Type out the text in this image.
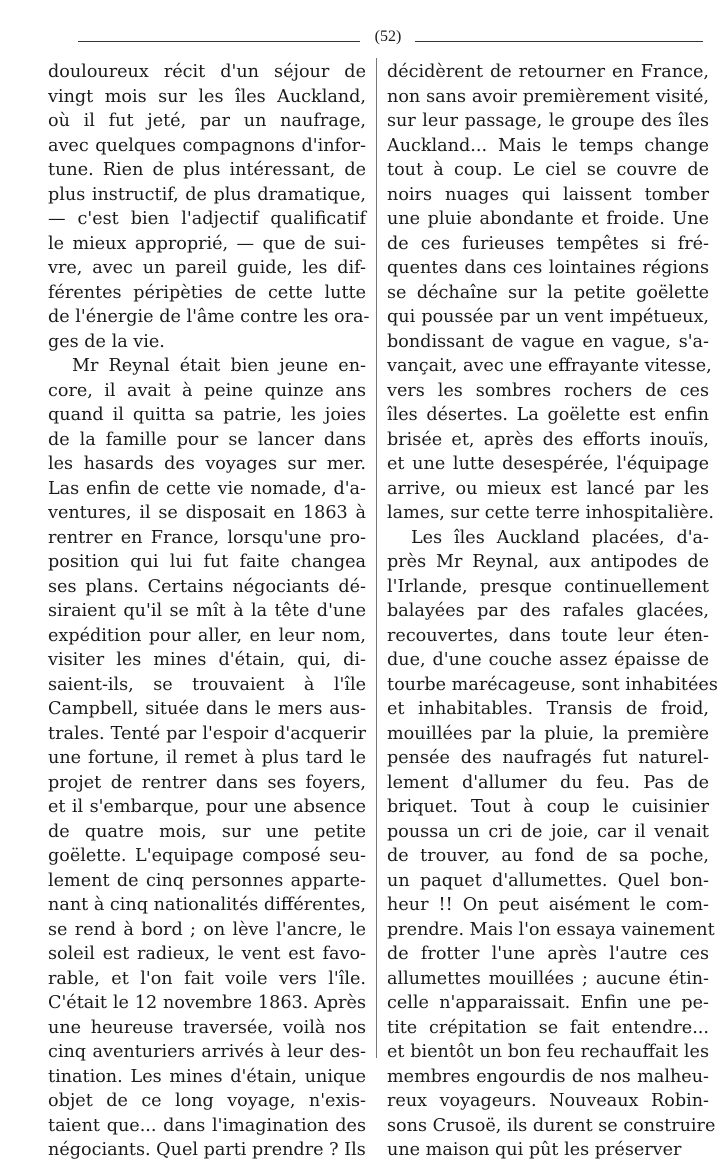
(52)
douloureux récit d'un séjour de
vingt mois sur les îles Auckland,
où il fut jeté, par un naufrage,
avec quelques compagnons d'infor-
tune. Rien de plus intéressant, de
plus instructif, de plus dramatique,
— c'est bien l'adjectif qualificatif
le mieux approprié, — que de sui-
vre, avec un pareil guide, les dif-
férentes péripèties de cette lutte
de l'énergie de l'âme contre les ora-
ges de la vie.
Mr Reynal était bien jeune en-
core, il avait à peine quinze ans
quand il quitta sa patrie, les joies
de la famille pour se lancer dans
les hasards des voyages sur mer.
Las enfin de cette vie nomade, d'a-
ventures, il se disposait en 1863 à
rentrer en France, lorsqu'une pro-
position qui lui fut faite changea
ses plans. Certains négociants dé-
siraient qu'il se mît à la tête d'une
expédition pour aller, en leur nom,
visiter les mines d'étain, qui, di-
saient-ils, se trouvaient à l'île
Campbell, située dans le mers aus-
trales. Tenté par l'espoir d'acquerir
une fortune, il remet à plus tard le
projet de rentrer dans ses foyers,
et il s'embarque, pour une absence
de quatre mois, sur une petite
goëlette. L'equipage composé seu-
lement de cinq personnes apparte-
nant à cinq nationalités différentes,
se rend à bord ; on lève l'ancre, le
soleil est radieux, le vent est favo-
rable, et l'on fait voile vers l'île.
C'était le 12 novembre 1863. Après
une heureuse traversée, voilà nos
cinq aventuriers arrivés à leur des-
tination. Les mines d'étain, unique
objet de ce long voyage, n'exis-
taient que... dans l'imagination des
négociants. Quel parti prendre ? Ils
décidèrent de retourner en France,
non sans avoir premièrement visité,
sur leur passage, le groupe des îles
Auckland... Mais le temps change
tout à coup. Le ciel se couvre de
noirs nuages qui laissent tomber
une pluie abondante et froide. Une
de ces furieuses tempêtes si fré-
quentes dans ces lointaines régions
se déchaîne sur la petite goëlette
qui poussée par un vent impétueux,
bondissant de vague en vague, s'a-
vançait, avec une effrayante vitesse,
vers les sombres rochers de ces
îles désertes. La goëlette est enfin
brisée et, après des efforts inouïs,
et une lutte desespérée, l'équipage
arrive, ou mieux est lancé par les
lames, sur cette terre inhospitalière.
Les îles Auckland placées, d'a-
près Mr Reynal, aux antipodes de
l'Irlande, presque continuellement
balayées par des rafales glacées,
recouvertes, dans toute leur éten-
due, d'une couche assez épaisse de
tourbe marécageuse, sont inhabitées
et inhabitables. Transis de froid,
mouillées par la pluie, la première
pensée des naufragés fut naturel-
lement d'allumer du feu. Pas de
briquet. Tout à coup le cuisinier
poussa un cri de joie, car il venait
de trouver, au fond de sa poche,
un paquet d'allumettes. Quel bon-
heur !! On peut aisément le com-
prendre. Mais l'on essaya vainement
de frotter l'une après l'autre ces
allumettes mouillées ; aucune étin-
celle n'apparaissait. Enfin une pe-
tite crépitation se fait entendre...
et bientôt un bon feu rechauffait les
membres engourdis de nos malheu-
reux voyageurs. Nouveaux Robin-
sons Crusoë, ils durent se construire
une maison qui pût les préserver
